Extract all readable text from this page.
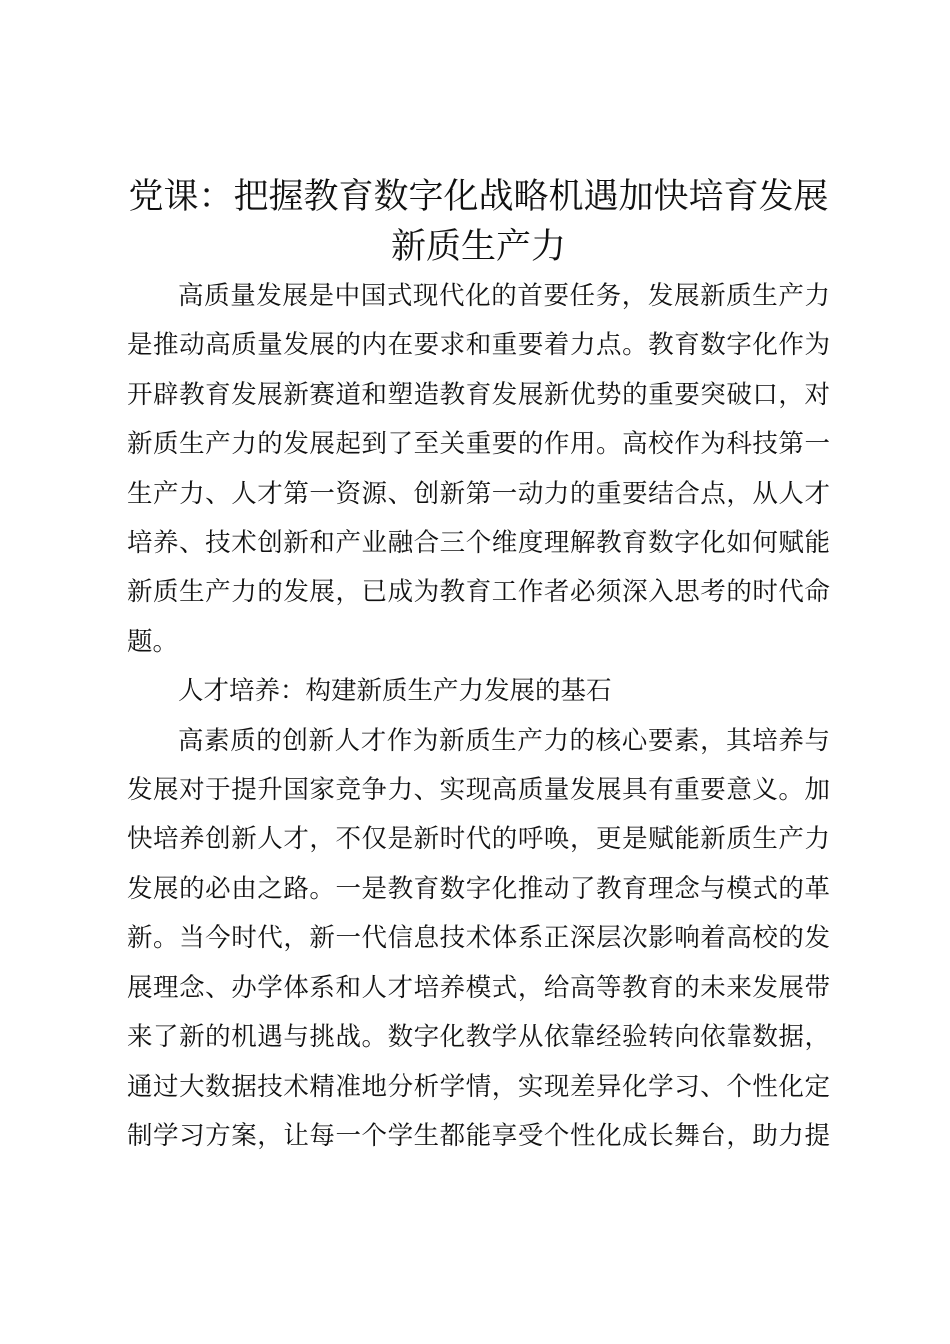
党课：把握教育数字化战略机遇加快培育发展
新质生产力
高质量发展是中国式现代化的首要任务，发展新质生产力
是推动高质量发展的内在要求和重要着力点。教育数字化作为
开辟教育发展新赛道和塑造教育发展新优势的重要突破口，对
新质生产力的发展起到了至关重要的作用。高校作为科技第一
生产力、人才第一资源、创新第一动力的重要结合点，从人才
培养、技术创新和产业融合三个维度理解教育数字化如何赋能
新质生产力的发展，已成为教育工作者必须深入思考的时代命
题。
人才培养：构建新质生产力发展的基石
高素质的创新人才作为新质生产力的核心要素，其培养与
发展对于提升国家竞争力、实现高质量发展具有重要意义。加
快培养创新人才，不仅是新时代的呼唤，更是赋能新质生产力
发展的必由之路。一是教育数字化推动了教育理念与模式的革
新。当今时代，新一代信息技术体系正深层次影响着高校的发
展理念、办学体系和人才培养模式，给高等教育的未来发展带
来了新的机遇与挑战。数字化教学从依靠经验转向依靠数据，
通过大数据技术精准地分析学情，实现差异化学习、个性化定
制学习方案，让每一个学生都能享受个性化成长舞台，助力提
